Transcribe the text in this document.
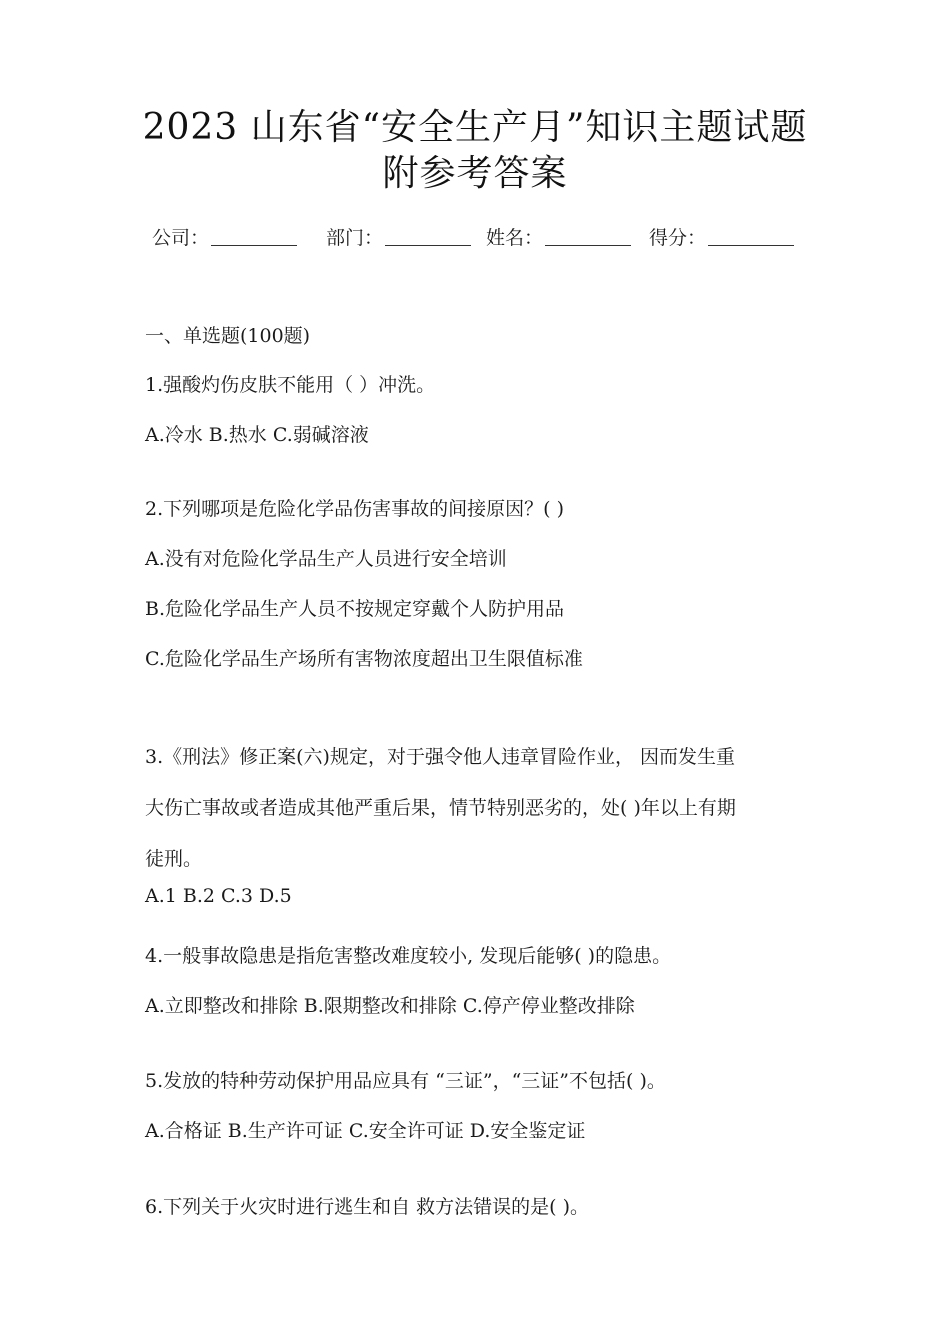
2023 山东省“安全生产月”知识主题试题
附参考答案
公司：	部门：	姓名：	得分：
一、单选题(100题)
1.强酸灼伤皮肤不能用（ ）冲洗。
A.冷水 B.热水 C.弱碱溶液
2.下列哪项是危险化学品伤害事故的间接原因？( )
A.没有对危险化学品生产人员进行安全培训
B.危险化学品生产人员不按规定穿戴个人防护用品
C.危险化学品生产场所有害物浓度超出卫生限值标准
3.《刑法》修正案(六)规定，对于强令他人违章冒险作业， 因而发生重
大伤亡事故或者造成其他严重后果，情节特别恶劣的，处( )年以上有期
徒刑。
A.1 B.2 C.3 D.5
4.一般事故隐患是指危害整改难度较小, 发现后能够( )的隐患。
A.立即整改和排除 B.限期整改和排除 C.停产停业整改排除
5.发放的特种劳动保护用品应具有 “三证”，“三证”不包括( )。
A.合格证 B.生产许可证 C.安全许可证 D.安全鉴定证
6.下列关于火灾时进行逃生和自 救方法错误的是( )。
